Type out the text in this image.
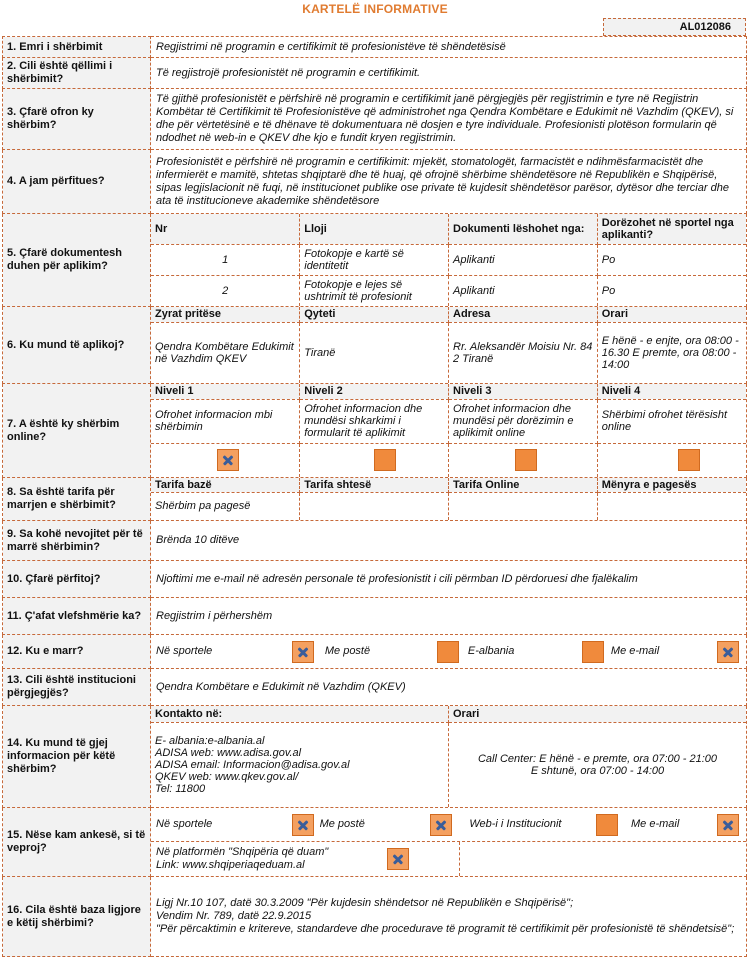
KARTELË INFORMATIVE
AL012086
1. Emri i shërbimit	Regjistrimi në programin e certifikimit të profesionistëve të shëndetësisë
2. Cili është qëllimi i shërbimit?	Të regjistrojë profesionistët në programin e certifikimit.
3. Çfarë ofron ky shërbim?	Të gjithë profesionistët e përfshirë në programin e certifikimit janë përgjegjës për regjistrimin e tyre në Regjistrin Kombëtar të Certifikimit të Profesionistëve që administrohet nga Qendra Kombëtare e Edukimit në Vazhdim (QKEV), si dhe për vërtetësinë e të dhënave të dokumentuara në dosjen e tyre individuale. Profesionisti plotëson formularin që ndodhet në web-in e QKEV dhe kjo e fundit kryen regjistrimin.
4. A jam përfitues?	Profesionistët e përfshirë në programin e certifikimit: mjekët, stomatologët, farmacistët e ndihmësfarmacistët dhe infermierët e mamitë, shtetas shqiptarë dhe të huaj, që ofrojnë shërbime shëndetësore në Republikën e Shqipërisë, sipas legjislacionit në fuqi, në institucionet publike ose private të kujdesit shëndetësor parësor, dytësor dhe terciar dhe ata të institucioneve akademike shëndetësore
5. Çfarë dokumentesh duhen për aplikim?	
Nr	Lloji	Dokumenti lëshohet nga:	Dorëzohet në sportel nga aplikanti?
1	Fotokopje e kartë së identitetit	Aplikanti	Po
2	Fotokopje e lejes së ushtrimit të profesionit	Aplikanti	Po

6. Ku mund të aplikoj?	
Zyrat pritëse	Qyteti	Adresa	Orari
Qendra Kombëtare Edukimit në Vazhdim QKEV	Tiranë	Rr. Aleksandër Moisiu Nr. 84 2 Tiranë	E hënë - e enjte, ora 08:00 - 16.30 E premte, ora 08:00 - 14:00

7. A është ky shërbim online?	
Niveli 1	Niveli 2	Niveli 3	Niveli 4
Ofrohet informacion mbi shërbimin	Ofrohet informacion dhe mundësi shkarkimi i formularit të aplikimit	Ofrohet informacion dhe mundësi për dorëzimin e aplikimit online	Shërbimi ofrohet tërësisht online

8. Sa është tarifa për marrjen e shërbimit?	
Tarifa bazë	Tarifa shtesë	Tarifa Online	Mënyra e pagesës
Shërbim pa pagesë			

9. Sa kohë nevojitet për të marrë shërbimin?	Brënda 10 ditëve
10. Çfarë përfitoj?	Njoftimi me e-mail në adresën personale të profesionistit i cili përmban ID përdoruesi dhe fjalëkalim
11. Ç'afat vlefshmërie ka?	Regjistrim i përhershëm
12. Ku e marr?	Në sportele	Me postë	E-albania	Me e-mail

13. Cili është institucioni përgjegjës?	Qendra Kombëtare e Edukimit në Vazhdim (QKEV)
14. Ku mund të gjej informacion për këtë shërbim?	
Kontakto në:	Orari

E- albania:e-albania.al
ADISA web: www.adisa.gov.al
ADISA email: Informacion@adisa.gov.al
QKEV web: www.qkev.gov.al/
Tel: 11800

Call Center: E hënë - e premte, ora 07:00 - 21:00
E shtunë, ora 07:00 - 14:00

15. Nëse kam ankesë, si të veproj?	
Në sportele	Me postë	Web-i i Institucionit	Me e-mail
Në platformën "Shqipëria që duam"
Link: www.shqiperiaqeduam.al

16. Cila është baza ligjore e këtij shërbimi?	
Ligj Nr.10 107, datë 30.3.2009 "Për kujdesin shëndetsor në Republikën e Shqipërisë";
Vendim Nr. 789, datë 22.9.2015
"Për përcaktimin e kritereve, standardeve dhe procedurave të programit të certifikimit për profesionistë të shëndetsisë";
